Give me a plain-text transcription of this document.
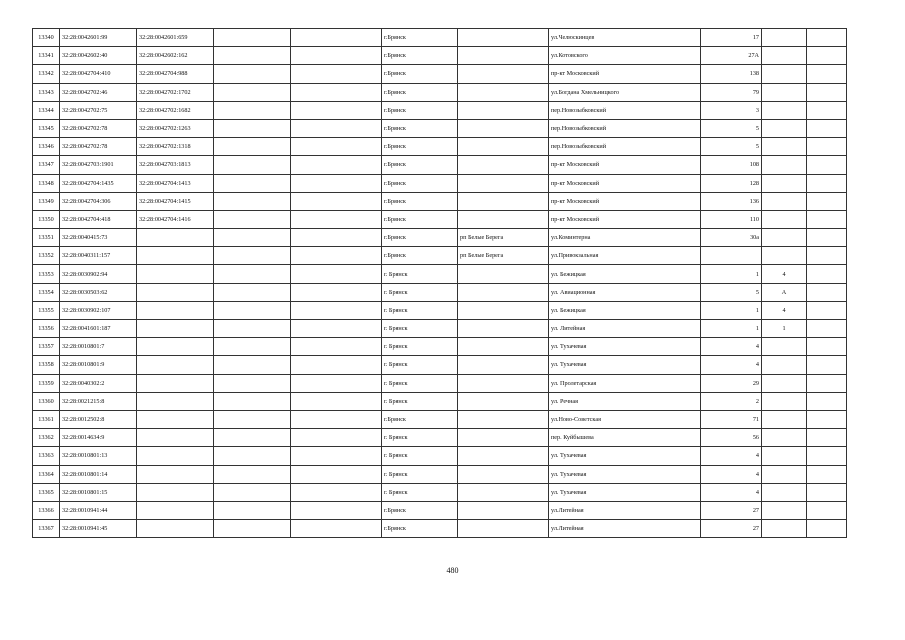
13340	32:28:0042601:99	32:28:0042601:659			г.Брянск		ул.Челюскинцев	17		
13341	32:28:0042602:40	32:28:0042602:162			г.Брянск		ул.Котовского	27А		
13342	32:28:0042704:410	32:28:0042704:988			г.Брянск		пр-кт Московский	138		
13343	32:28:0042702:46	32:28:0042702:1702			г.Брянск		ул.Богдана Хмельницкого	79		
13344	32:28:0042702:75	32:28:0042702:1682			г.Брянск		пер.Новозыбковский	3		
13345	32:28:0042702:78	32:28:0042702:1263			г.Брянск		пер.Новозыбковский	5		
13346	32:28:0042702:78	32:28:0042702:1318			г.Брянск		пер.Новозыбковский	5		
13347	32:28:0042703:1901	32:28:0042703:1813			г.Брянск		пр-кт Московский	108		
13348	32:28:0042704:1435	32:28:0042704:1413			г.Брянск		пр-кт Московский	128		
13349	32:28:0042704:306	32:28:0042704:1415			г.Брянск		пр-кт Московский	136		
13350	32:28:0042704:418	32:28:0042704:1416			г.Брянск		пр-кт Московский	110		
13351	32:28:0040415:73				г.Брянск	рп Белые Берега	ул.Коминтерна	30а		
13352	32:28:0040311:157				г.Брянск	рп Белые Берега	ул.Привокзальная			
13353	32:28:0030902:94				г. Брянск		ул. Бежицкая	1	4	
13354	32:28:0030503:62				г. Брянск		ул. Авиационная	5	А	
13355	32:28:0030902:107				г. Брянск		ул. Бежицкая	1	4	
13356	32:28:0041601:187				г. Брянск		ул. Литейная	1	1	
13357	32:28:0010801:7				г. Брянск		ул. Тухачевая	4		
13358	32:28:0010801:9				г. Брянск		ул. Тухачевая	4		
13359	32:28:0040302:2				г. Брянск		ул. Пролетарская	29		
13360	32:28:0021215:8				г. Брянск		ул. Речная	2		
13361	32:28:0012502:8				г.Брянск		ул.Ново-Советская	71		
13362	32:28:0014634:9				г. Брянск		пер. Куйбышева	56		
13363	32:28:0010801:13				г. Брянск		ул. Тухачевая	4		
13364	32:28:0010801:14				г. Брянск		ул. Тухачевая	4		
13365	32:28:0010801:15				г. Брянск		ул. Тухачевая	4		
13366	32:28:0010941:44				г.Брянск		ул.Литейная	27		
13367	32:28:0010941:45				г.Брянск		ул.Литейная	27		
480
